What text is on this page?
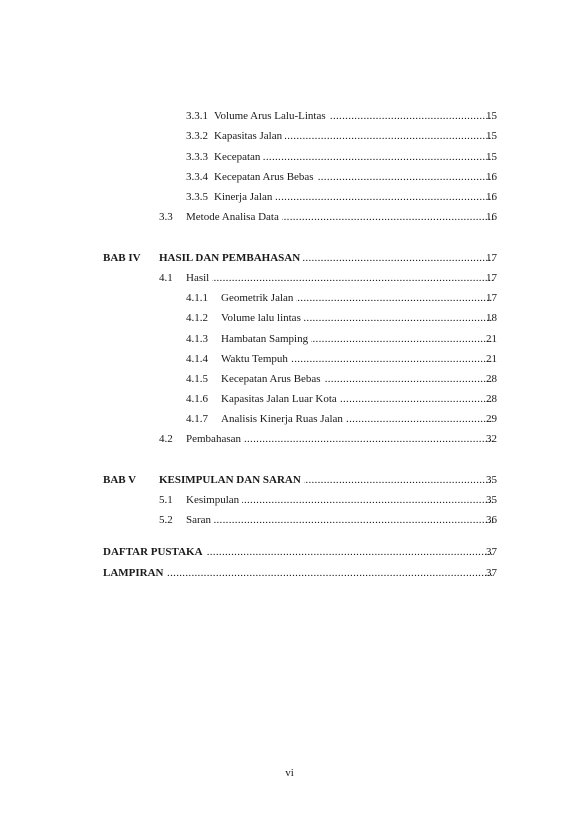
3.3.1 Volume Arus Lalu-Lintas .....	15
3.3.2 Kapasitas Jalan .....	15
3.3.3 Kecepatan .....	15
3.3.4 Kecepatan Arus Bebas .....	16
3.3.5 Kinerja Jalan .....	16
3.3 Metode Analisa Data .....	16
BAB IV HASIL DAN PEMBAHASAN .....	17
4.1 Hasil .....	17
4.1.1 Geometrik Jalan .....	17
4.1.2 Volume lalu lintas .....	18
4.1.3 Hambatan Samping .....	21
4.1.4 Waktu Tempuh .....	21
4.1.5 Kecepatan Arus Bebas .....	28
4.1.6 Kapasitas Jalan Luar Kota .....	28
4.1.7 Analisis Kinerja Ruas Jalan .....	29
4.2 Pembahasan .....	32
BAB V KESIMPULAN DAN SARAN .....	35
5.1 Kesimpulan .....	35
5.2 Saran .....	36
DAFTAR PUSTAKA .....	37
LAMPIRAN .....	37
vi
